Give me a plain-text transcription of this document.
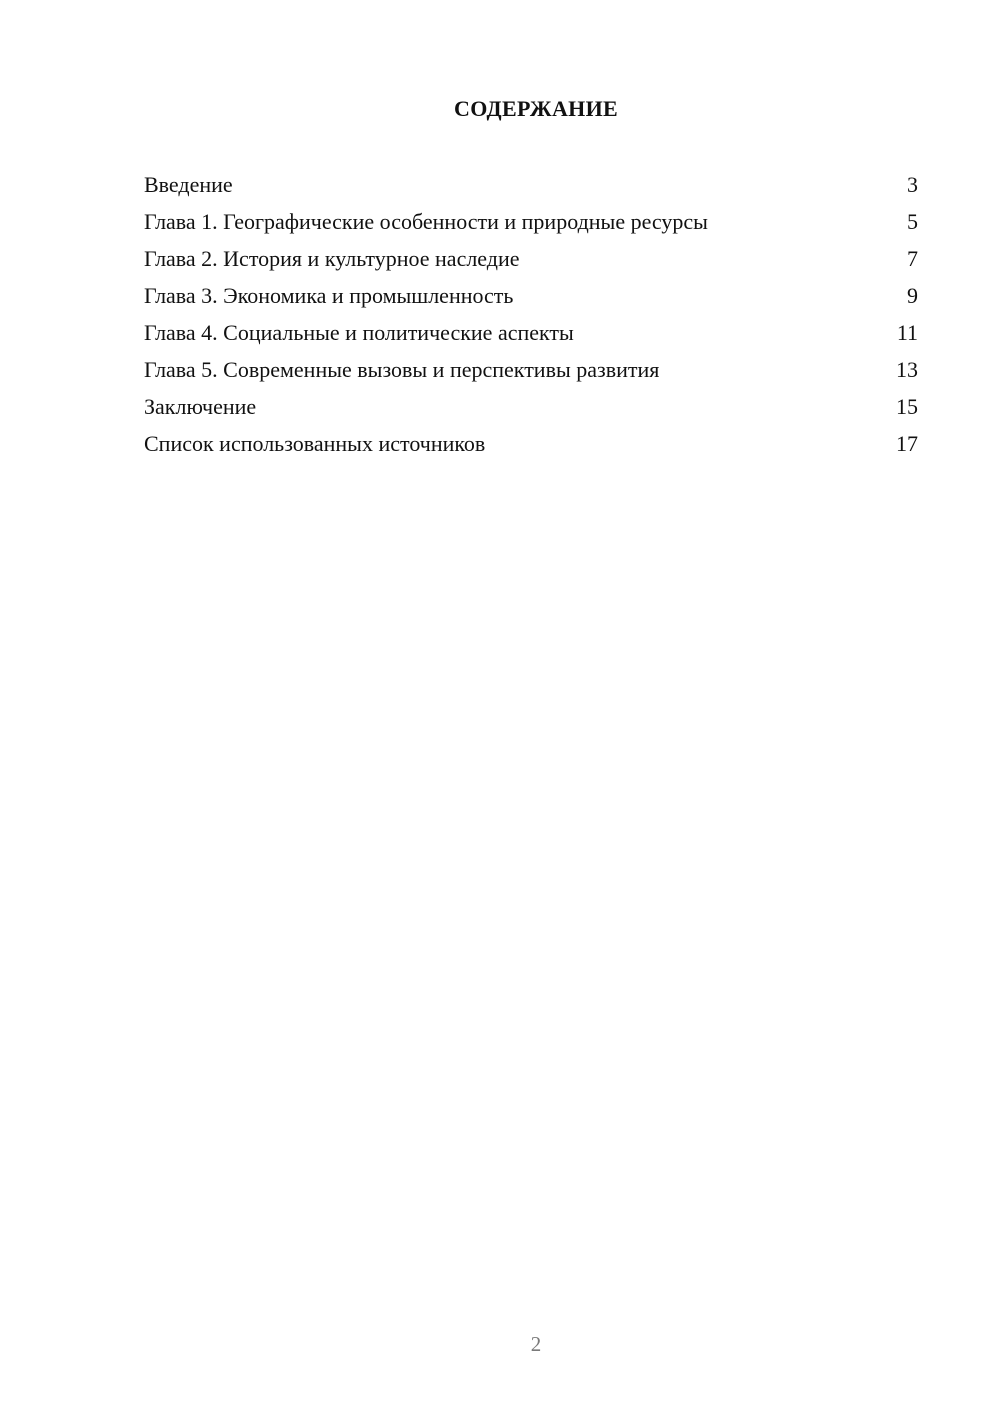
СОДЕРЖАНИЕ
Введение	3
Глава 1. Географические особенности и природные ресурсы	5
Глава 2. История и культурное наследие	7
Глава 3. Экономика и промышленность	9
Глава 4. Социальные и политические аспекты	11
Глава 5. Современные вызовы и перспективы развития	13
Заключение	15
Список использованных источников	17
2
